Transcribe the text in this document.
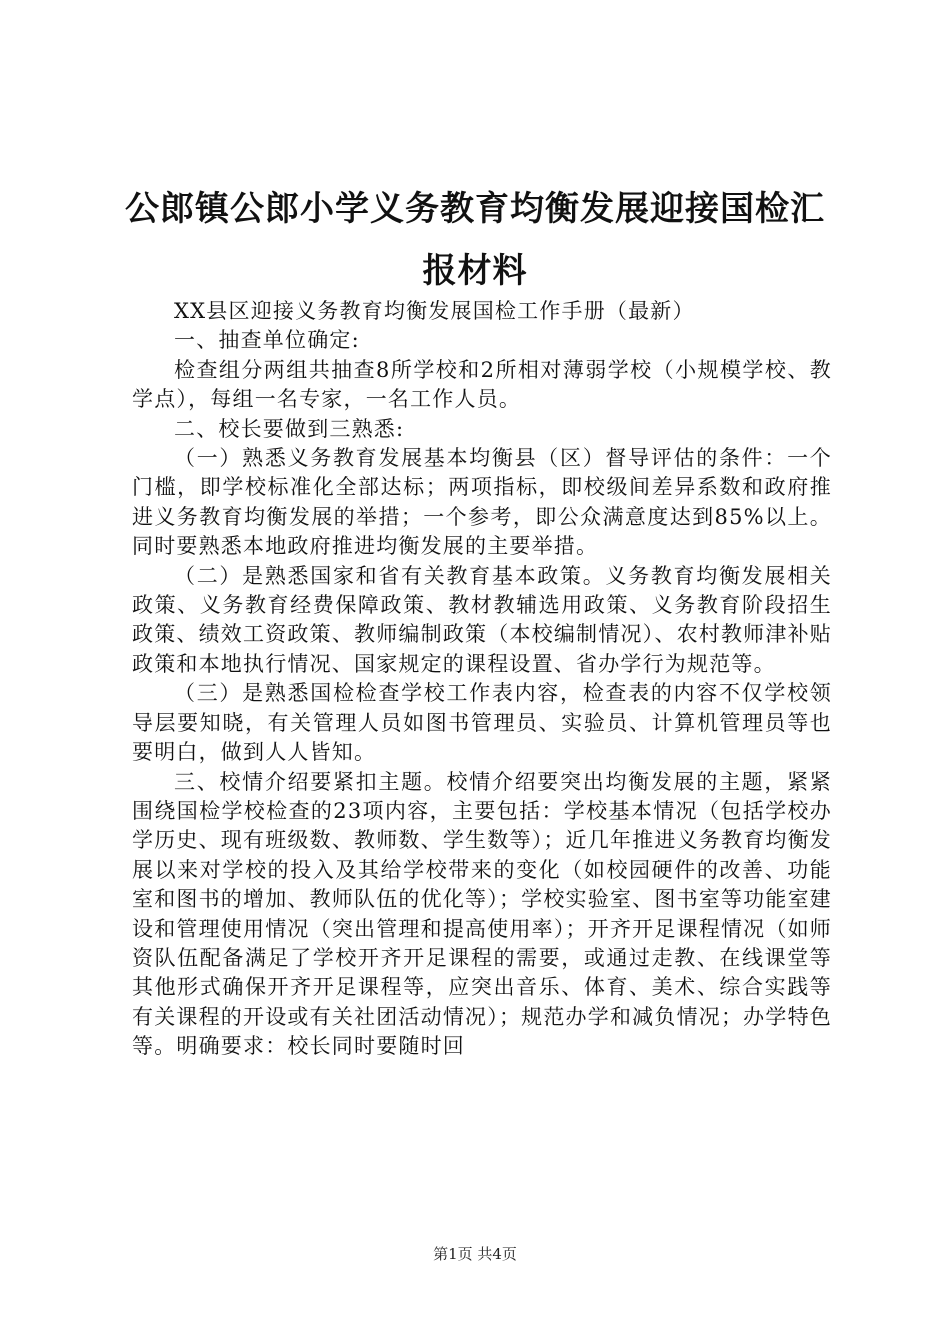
公郎镇公郎小学义务教育均衡发展迎接国检汇报材料

XX县区迎接义务教育均衡发展国检工作手册（最新）

一、抽查单位确定:

检查组分两组共抽查8所学校和2所相对薄弱学校（小规模学校、教学点），每组一名专家，一名工作人员。

二、校长要做到三熟悉:

（一）熟悉义务教育发展基本均衡县（区）督导评估的条件：一个门槛，即学校标准化全部达标；两项指标，即校级间差异系数和政府推进义务教育均衡发展的举措；一个参考，即公众满意度达到85%以上。同时要熟悉本地政府推进均衡发展的主要举措。

（二）是熟悉国家和省有关教育基本政策。义务教育均衡发展相关政策、义务教育经费保障政策、教材教辅选用政策、义务教育阶段招生政策、绩效工资政策、教师编制政策（本校编制情况）、农村教师津补贴政策和本地执行情况、国家规定的课程设置、省办学行为规范等。

（三）是熟悉国检检查学校工作表内容，检查表的内容不仅学校领导层要知晓，有关管理人员如图书管理员、实验员、计算机管理员等也要明白，做到人人皆知。

三、校情介绍要紧扣主题。校情介绍要突出均衡发展的主题，紧紧围绕国检学校检查的23项内容，主要包括：学校基本情况（包括学校办学历史、现有班级数、教师数、学生数等）；近几年推进义务教育均衡发展以来对学校的投入及其给学校带来的变化（如校园硬件的改善、功能室和图书的增加、教师队伍的优化等）；学校实验室、图书室等功能室建设和管理使用情况（突出管理和提高使用率）；开齐开足课程情况（如师资队伍配备满足了学校开齐开足课程的需要，或通过走教、在线课堂等其他形式确保开齐开足课程等，应突出音乐、体育、美术、综合实践等有关课程的开设或有关社团活动情况）；规范办学和减负情况；办学特色等。明确要求：校长同时要随时回

第1页 共4页
